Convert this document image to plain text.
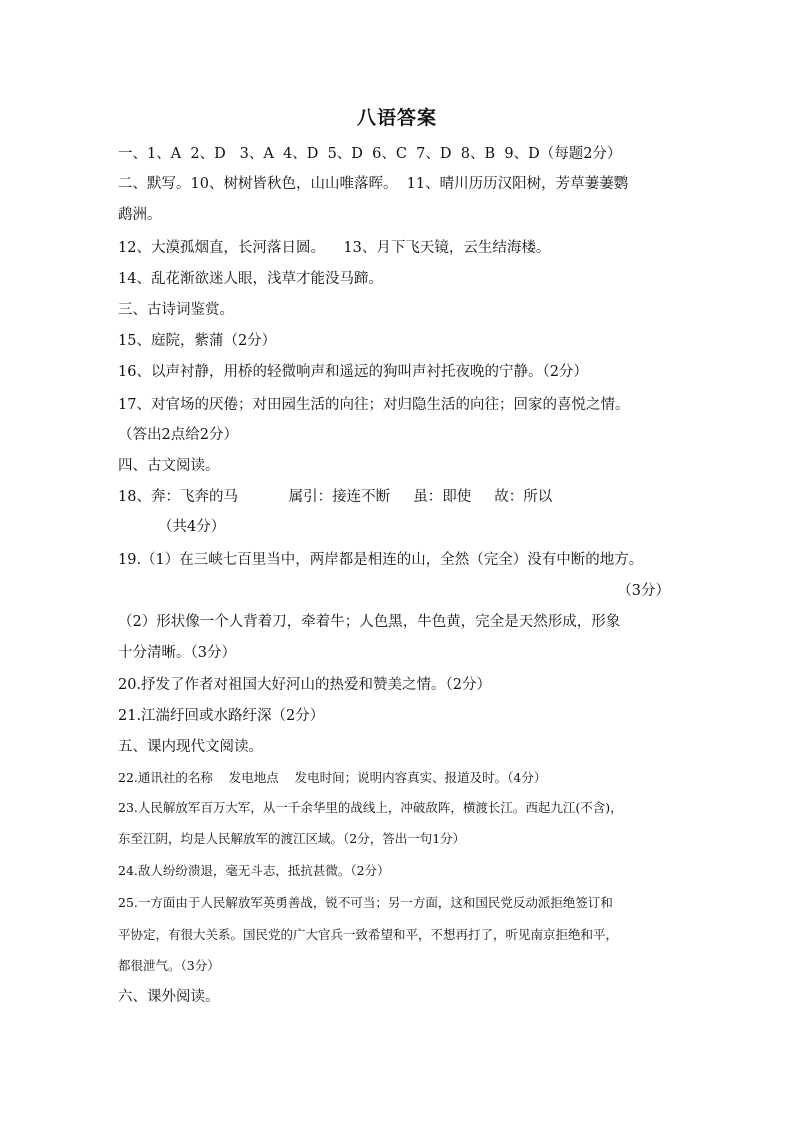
八语答案
一、1、A  2、D   3、A  4、D  5、D  6、C  7、D  8、B  9、D（每题2分）
二、默写。10、树树皆秋色，山山唯落晖。  11、晴川历历汉阳树，芳草萋萋鹦
鹉洲。
12、大漠孤烟直，长河落日圆。    13、月下飞天镜，云生结海楼。
14、乱花渐欲迷人眼，浅草才能没马蹄。
三、古诗词鉴赏。
15、庭院，紫蒲（2分）
16、以声衬静，用桥的轻微响声和遥远的狗叫声衬托夜晚的宁静。（2分）
17、对官场的厌倦；对田园生活的向往；对归隐生活的向往；回家的喜悦之情。
（答出2点给2分）
四、古文阅读。
18、奔：飞奔的马           属引：接连不断     虽：即使     故：所以
（共4分）
19.（1）在三峡七百里当中，两岸都是相连的山，全然（完全）没有中断的地方。
（3分）
（2）形状像一个人背着刀，牵着牛；人色黑，牛色黄，完全是天然形成，形象
十分清晰。（3分）
20.抒发了作者对祖国大好河山的热爱和赞美之情。（2分）
21.江湍纡回或水路纡深（2分）
五、课内现代文阅读。
22.通讯社的名称    发电地点    发电时间；说明内容真实、报道及时。（4分）
23.人民解放军百万大军，从一千余华里的战线上，冲破敌阵，横渡长江。西起九江(不含)，
东至江阴，均是人民解放军的渡江区域。（2分，答出一句1分）
24.敌人纷纷溃退，毫无斗志，抵抗甚微。（2分）
25.一方面由于人民解放军英勇善战，锐不可当；另一方面，这和国民党反动派拒绝签订和
平协定，有很大关系。国民党的广大官兵一致希望和平，不想再打了，听见南京拒绝和平，
都很泄气。（3分）
六、课外阅读。
